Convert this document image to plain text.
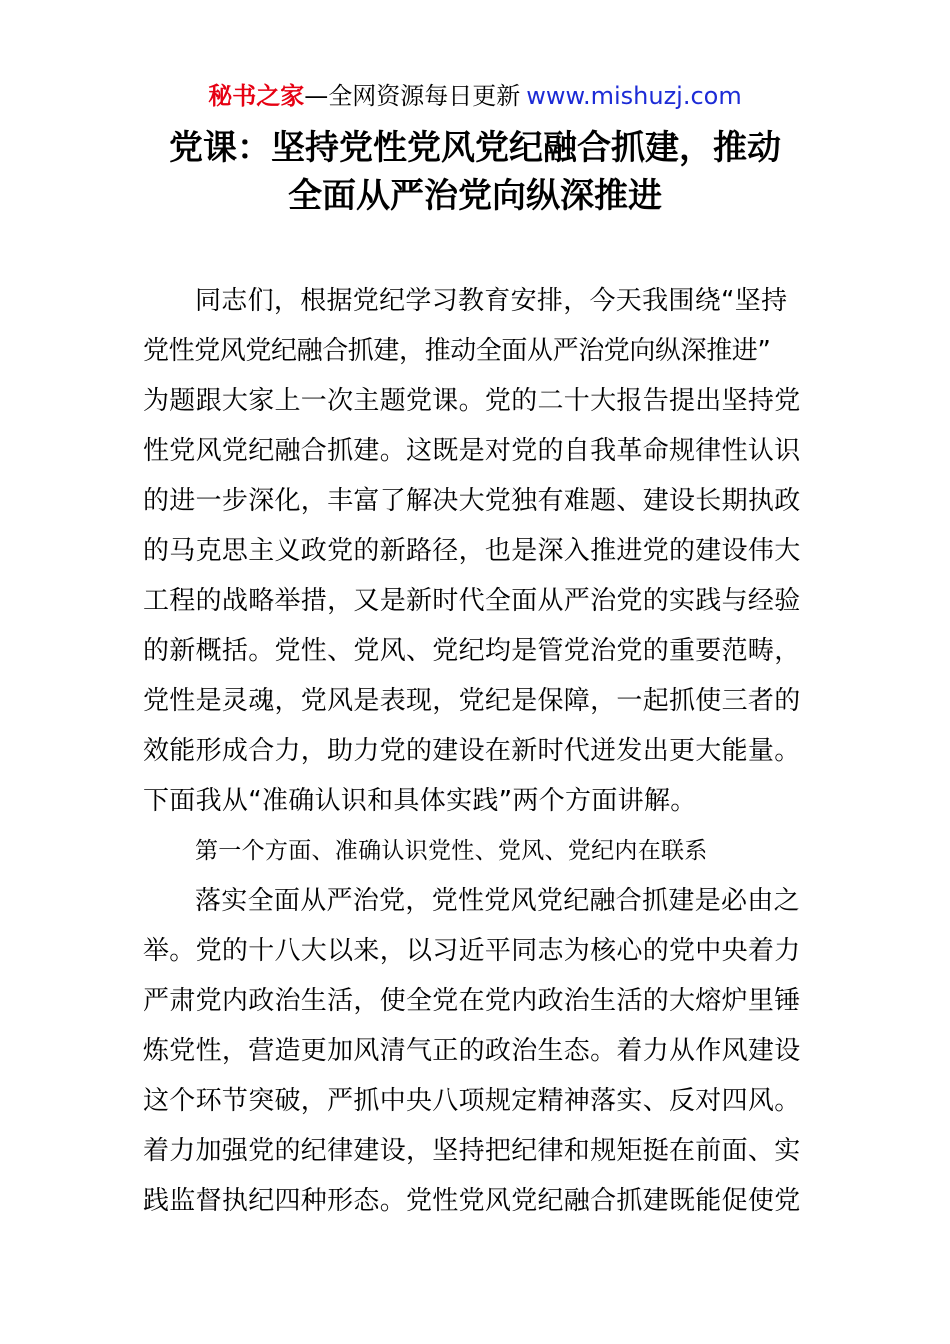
秘书之家—全网资源每日更新 www.mishuzj.com
党课：坚持党性党风党纪融合抓建，推动
全面从严治党向纵深推进
同志们，根据党纪学习教育安排，今天我围绕“坚持
党性党风党纪融合抓建，推动全面从严治党向纵深推进”
为题跟大家上一次主题党课。党的二十大报告提出坚持党
性党风党纪融合抓建。这既是对党的自我革命规律性认识
的进一步深化，丰富了解决大党独有难题、建设长期执政
的马克思主义政党的新路径，也是深入推进党的建设伟大
工程的战略举措，又是新时代全面从严治党的实践与经验
的新概括。党性、党风、党纪均是管党治党的重要范畴，
党性是灵魂，党风是表现，党纪是保障，一起抓使三者的
效能形成合力，助力党的建设在新时代迸发出更大能量。
下面我从“准确认识和具体实践”两个方面讲解。
第一个方面、准确认识党性、党风、党纪内在联系
落实全面从严治党，党性党风党纪融合抓建是必由之
举。党的十八大以来，以习近平同志为核心的党中央着力
严肃党内政治生活，使全党在党内政治生活的大熔炉里锤
炼党性，营造更加风清气正的政治生态。着力从作风建设
这个环节突破，严抓中央八项规定精神落实、反对四风。
着力加强党的纪律建设，坚持把纪律和规矩挺在前面、实
践监督执纪四种形态。党性党风党纪融合抓建既能促使党
